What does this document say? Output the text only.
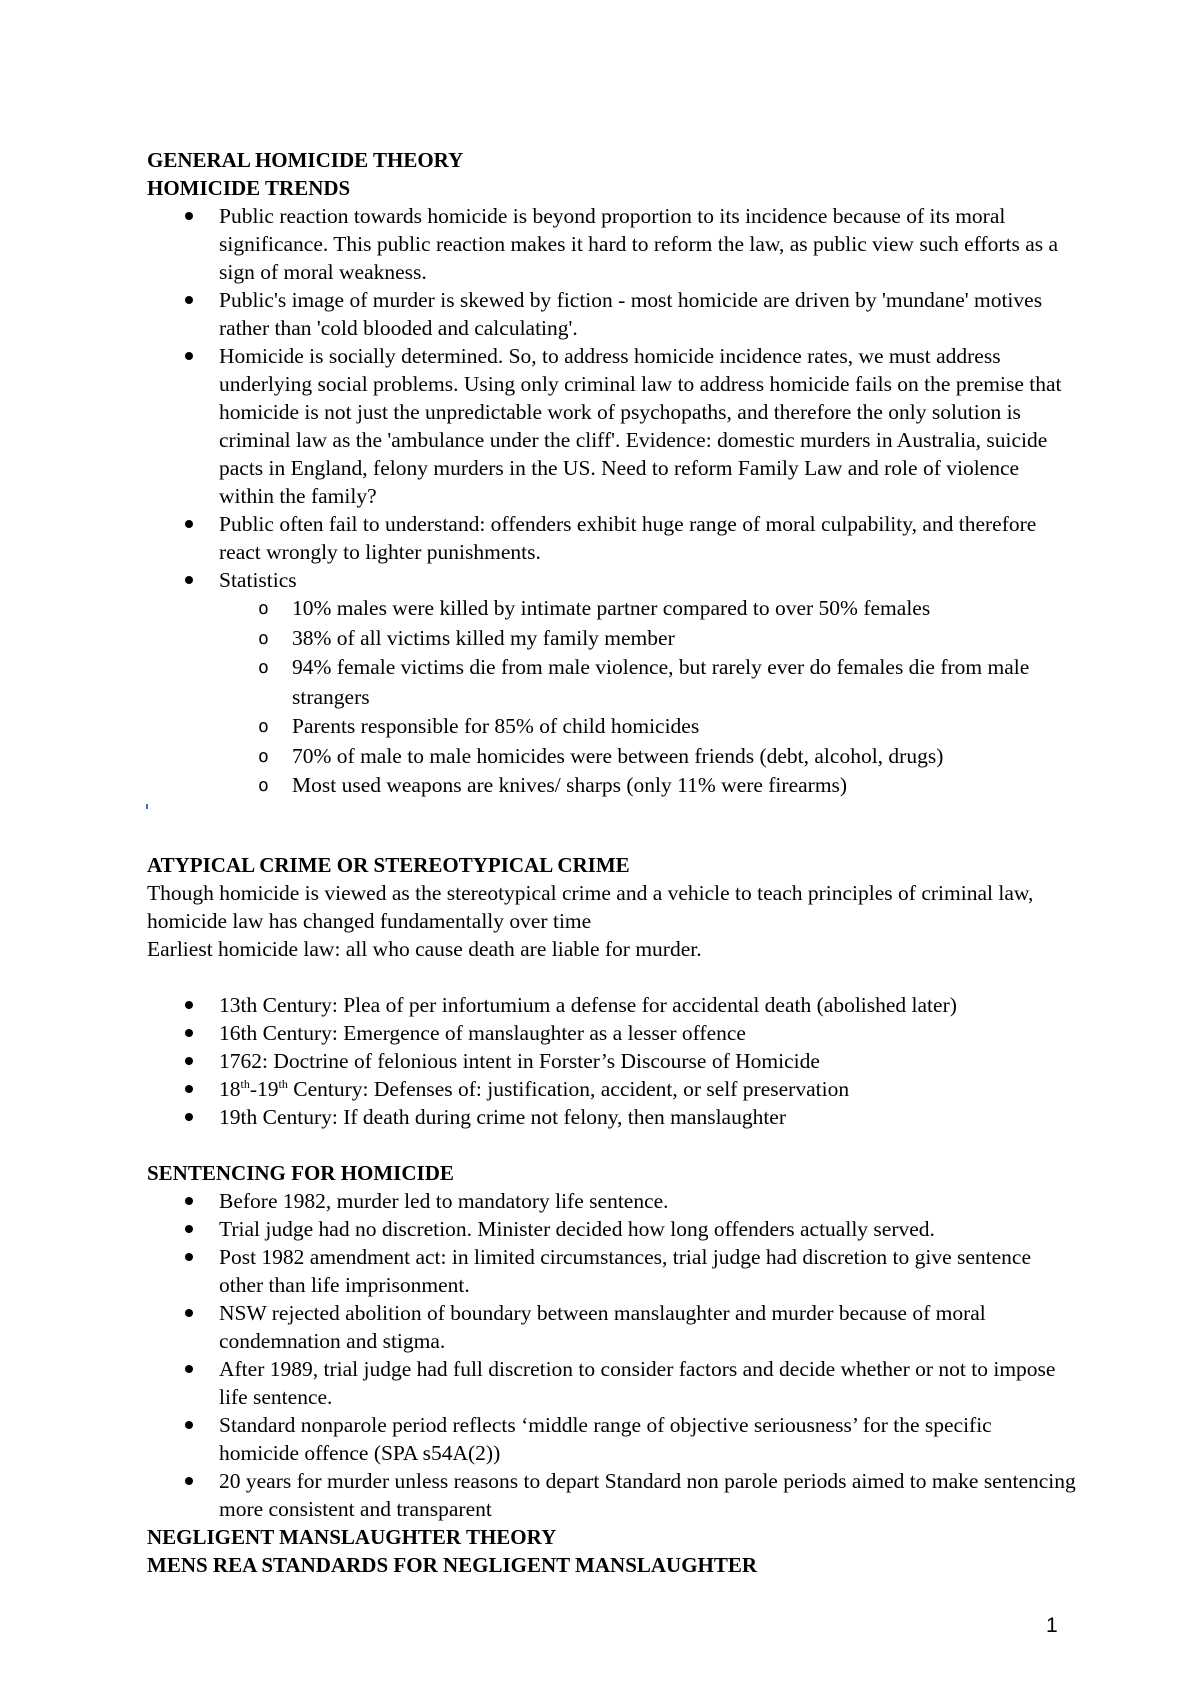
GENERAL HOMICIDE THEORY

HOMICIDE TRENDS

Public reaction towards homicide is beyond proportion to its incidence because of its moral significance. This public reaction makes it hard to reform the law, as public view such efforts as a sign of moral weakness.
Public's image of murder is skewed by fiction - most homicide are driven by 'mundane' motives rather than 'cold blooded and calculating'.
Homicide is socially determined. So, to address homicide incidence rates, we must address underlying social problems. Using only criminal law to address homicide fails on the premise that homicide is not just the unpredictable work of psychopaths, and therefore the only solution is criminal law as the 'ambulance under the cliff'. Evidence: domestic murders in Australia, suicide pacts in England, felony murders in the US. Need to reform Family Law and role of violence within the family?
Public often fail to understand: offenders exhibit huge range of moral culpability, and therefore react wrongly to lighter punishments.
Statistics
o 10% males were killed by intimate partner compared to over 50% females
o 38% of all victims killed my family member
o 94% female victims die from male violence, but rarely ever do females die from male strangers
o Parents responsible for 85% of child homicides
o 70% of male to male homicides were between friends (debt, alcohol, drugs)
o Most used weapons are knives/ sharps (only 11% were firearms)

ATYPICAL CRIME OR STEREOTYPICAL CRIME

Though homicide is viewed as the stereotypical crime and a vehicle to teach principles of criminal law, homicide law has changed fundamentally over time

Earliest homicide law: all who cause death are liable for murder.

13th Century: Plea of per infortumium a defense for accidental death (abolished later)
16th Century: Emergence of manslaughter as a lesser offence
1762: Doctrine of felonious intent in Forster’s Discourse of Homicide
18th-19th Century: Defenses of: justification, accident, or self preservation
19th Century: If death during crime not felony, then manslaughter

SENTENCING FOR HOMICIDE

Before 1982, murder led to mandatory life sentence.
Trial judge had no discretion. Minister decided how long offenders actually served.
Post 1982 amendment act: in limited circumstances, trial judge had discretion to give sentence other than life imprisonment.
NSW rejected abolition of boundary between manslaughter and murder because of moral condemnation and stigma.
After 1989, trial judge had full discretion to consider factors and decide whether or not to impose life sentence.
Standard nonparole period reflects ‘middle range of objective seriousness’ for the specific homicide offence (SPA s54A(2))
20 years for murder unless reasons to depart Standard non parole periods aimed to make sentencing more consistent and transparent

NEGLIGENT MANSLAUGHTER THEORY

MENS REA STANDARDS FOR NEGLIGENT MANSLAUGHTER

1
